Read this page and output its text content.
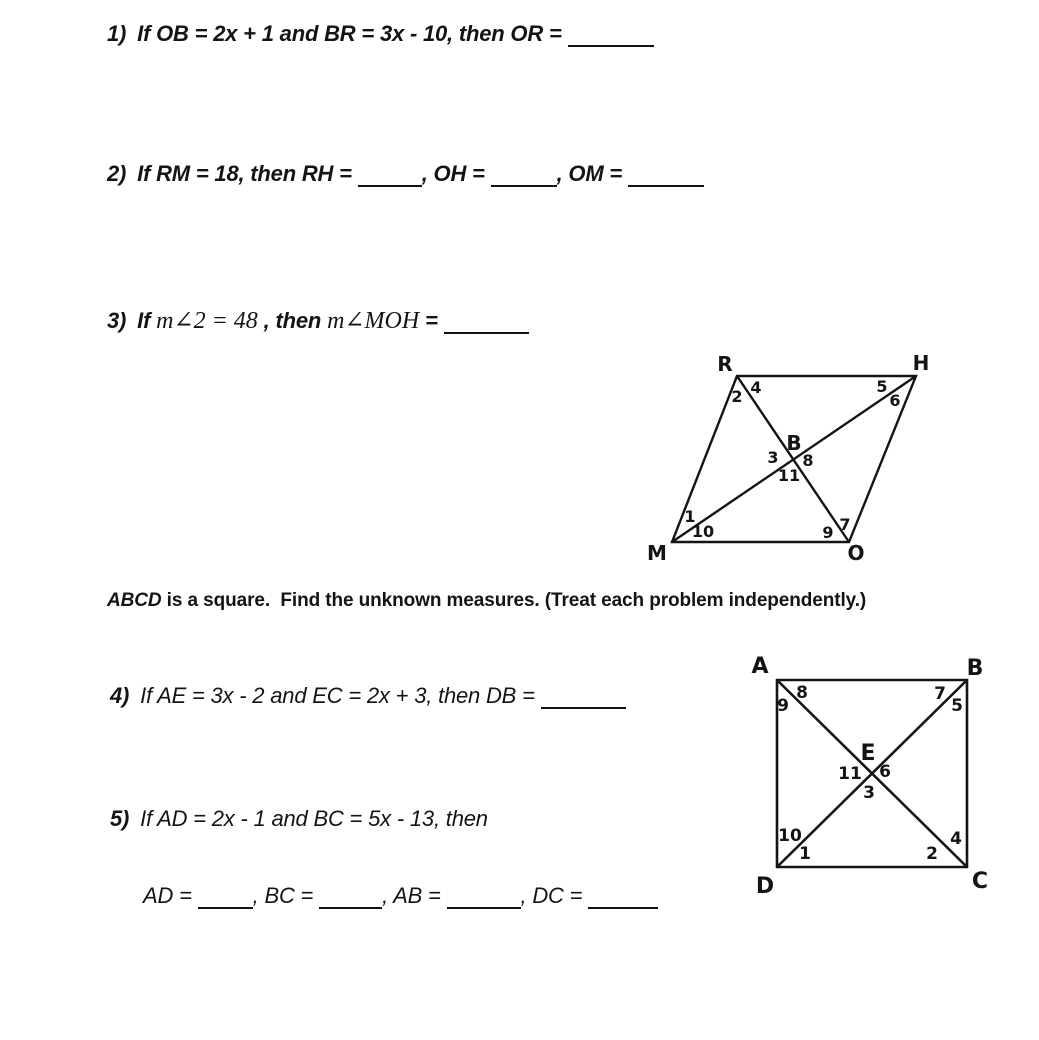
1) If OB = 2x + 1 and BR = 3x - 10, then OR =
2) If RM = 18, then RH =	, OH =	, OM =
3) If m∠2 = 48 , then m∠MOH =
R	H
M	O
B
2 4	5
6
3 8
11
1
10	7
9
ABCD is a square.  Find the unknown measures. (Treat each problem independently.)
4) If AE = 3x - 2 and EC = 2x + 3, then DB =
5) If AD = 2x - 1 and BC = 5x - 13, then
AD =	, BC =	, AB =	, DC =
A	B
C
D
E
8
9
7
5
11 6
3
10
1
4
2
